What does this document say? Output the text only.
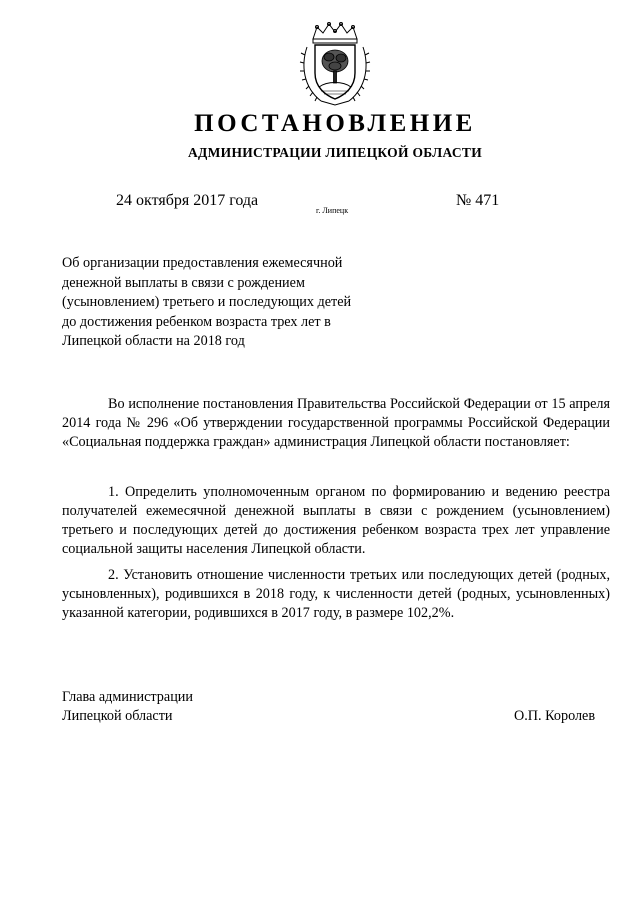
ПОСТАНОВЛЕНИЕ
АДМИНИСТРАЦИИ ЛИПЕЦКОЙ ОБЛАСТИ
24 октября 2017 года
г. Липецк
№ 471
Об организации предоставления ежемесячной
денежной выплаты в связи с рождением
(усыновлением) третьего и последующих детей
до достижения ребенком возраста трех лет в
Липецкой области на 2018 год

Во исполнение постановления Правительства Российской Федерации от 15 апреля 2014 года № 296 «Об утверждении государственной программы Российской Федерации «Социальная поддержка граждан» администрация Липецкой области постановляет:

1. Определить уполномоченным органом по формированию и ведению реестра получателей ежемесячной денежной выплаты в связи с рождением (усыновлением) третьего и последующих детей до достижения ребенком возраста трех лет управление социальной защиты населения Липецкой области.

2. Установить отношение численности третьих или последующих детей (родных, усыновленных), родившихся в 2018 году, к численности детей (родных, усыновленных) указанной категории, родившихся в 2017 году, в размере 102,2%.

Глава администрации
Липецкой области	О.П. Королев
